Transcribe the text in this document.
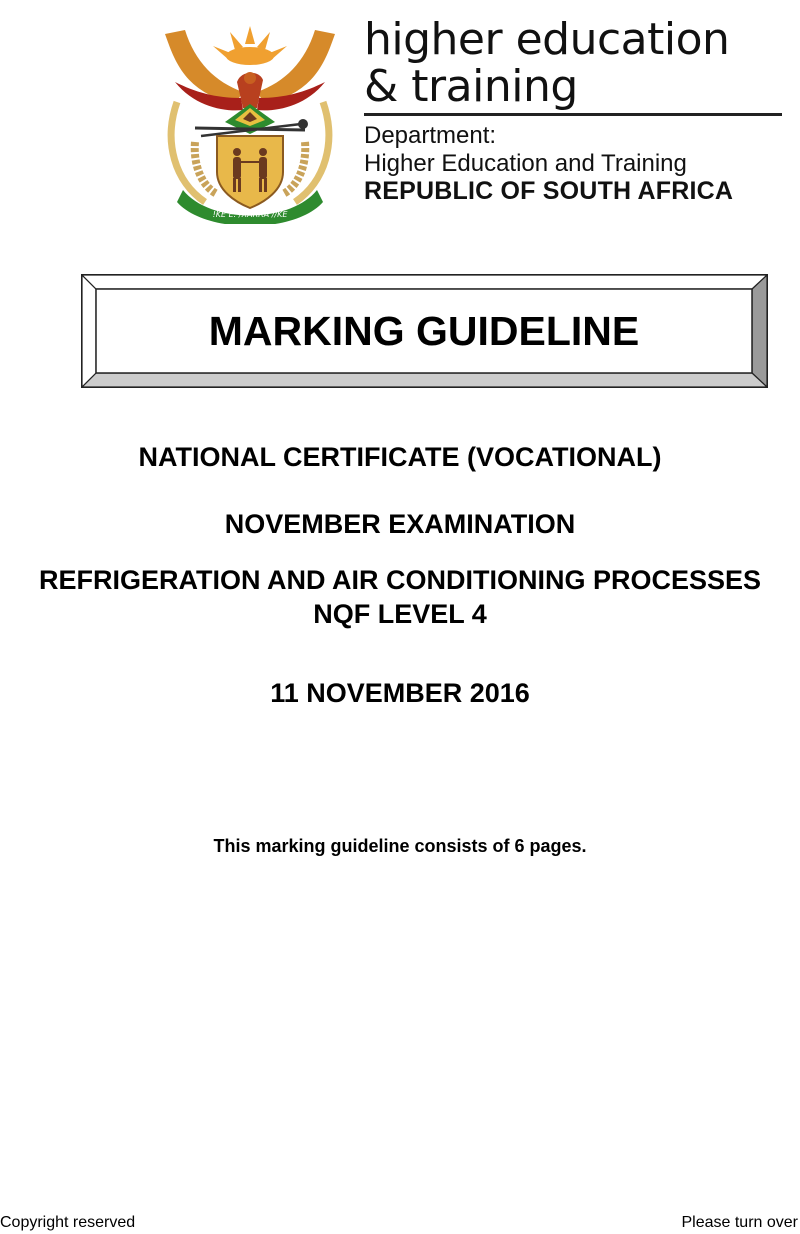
!KE E: /XARRA //KE
higher education
& training
Department:
Higher Education and Training
REPUBLIC OF SOUTH AFRICA
MARKING GUIDELINE
NATIONAL CERTIFICATE (VOCATIONAL)
NOVEMBER EXAMINATION
REFRIGERATION AND AIR CONDITIONING PROCESSES
NQF LEVEL 4
11 NOVEMBER 2016
This marking guideline consists of 6 pages.
Copyright reserved	Please turn over
